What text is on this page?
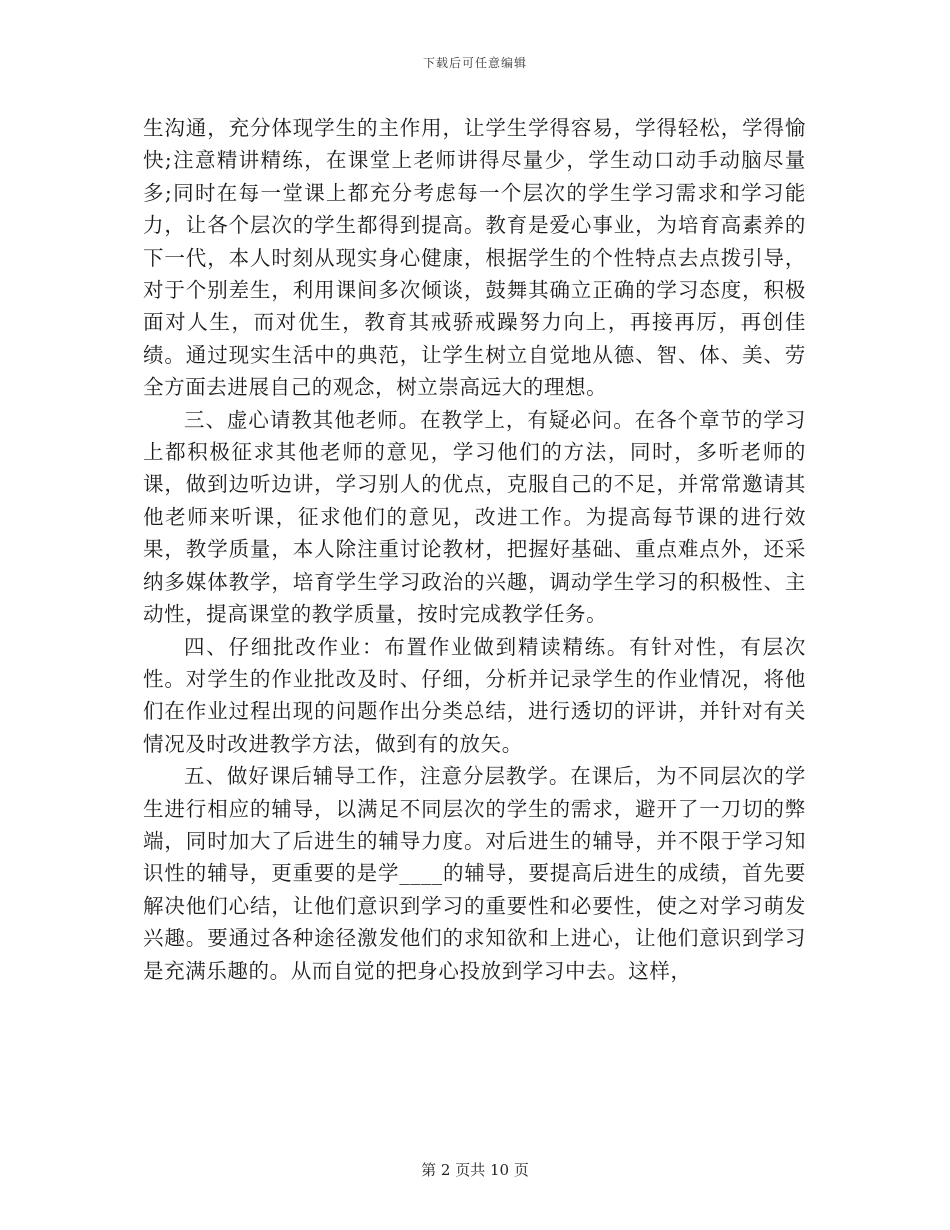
下载后可任意编辑

生沟通，充分体现学生的主作用，让学生学得容易，学得轻松，学得愉快;注意精讲精练，在课堂上老师讲得尽量少，学生动口动手动脑尽量多;同时在每一堂课上都充分考虑每一个层次的学生学习需求和学习能力，让各个层次的学生都得到提高。教育是爱心事业，为培育高素养的下一代，本人时刻从现实身心健康，根据学生的个性特点去点拨引导，对于个别差生，利用课间多次倾谈，鼓舞其确立正确的学习态度，积极面对人生，而对优生，教育其戒骄戒躁努力向上，再接再厉，再创佳绩。通过现实生活中的典范，让学生树立自觉地从德、智、体、美、劳全方面去进展自己的观念，树立崇高远大的理想。

三、虚心请教其他老师。在教学上，有疑必问。在各个章节的学习上都积极征求其他老师的意见，学习他们的方法，同时，多听老师的课，做到边听边讲，学习别人的优点，克服自己的不足，并常常邀请其他老师来听课，征求他们的意见，改进工作。为提高每节课的进行效果，教学质量，本人除注重讨论教材，把握好基础、重点难点外，还采纳多媒体教学，培育学生学习政治的兴趣，调动学生学习的积极性、主动性，提高课堂的教学质量，按时完成教学任务。

四、仔细批改作业：布置作业做到精读精练。有针对性，有层次性。对学生的作业批改及时、仔细，分析并记录学生的作业情况，将他们在作业过程出现的问题作出分类总结，进行透切的评讲，并针对有关情况及时改进教学方法，做到有的放矢。

五、做好课后辅导工作，注意分层教学。在课后，为不同层次的学生进行相应的辅导，以满足不同层次的学生的需求，避开了一刀切的弊端，同时加大了后进生的辅导力度。对后进生的辅导，并不限于学习知识性的辅导，更重要的是学____的辅导，要提高后进生的成绩，首先要解决他们心结，让他们意识到学习的重要性和必要性，使之对学习萌发兴趣。要通过各种途径激发他们的求知欲和上进心，让他们意识到学习是充满乐趣的。从而自觉的把身心投放到学习中去。这样，

第 2 页共 10 页
